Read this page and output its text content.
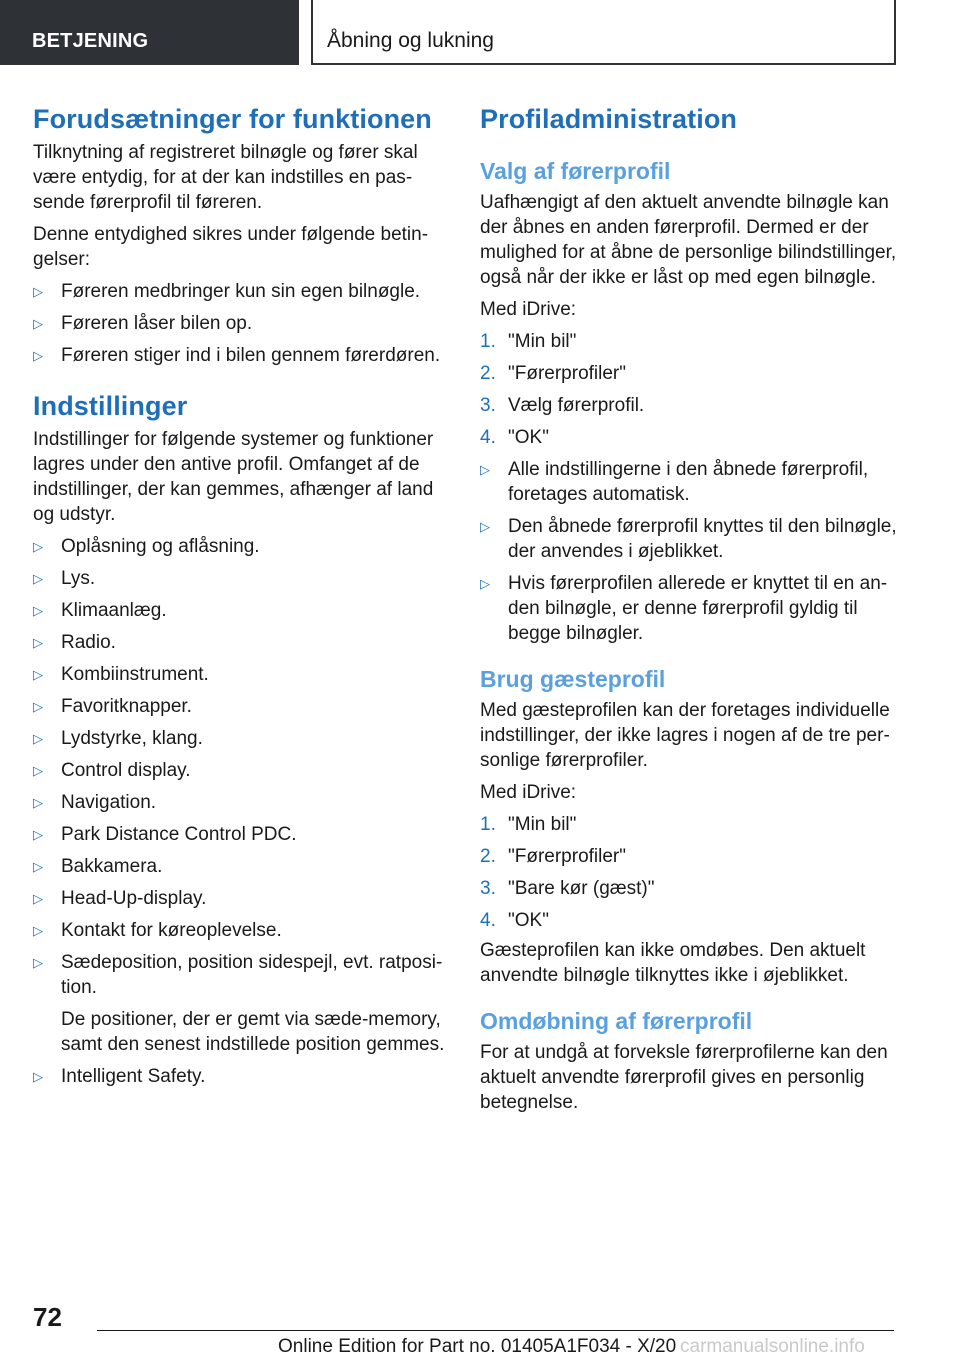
BETJENING	Åbning og lukning
Forudsætninger for funktionen

Tilknytning af registreret bilnøgle og fører skal være entydig, for at der kan indstilles en passende førerprofil til føreren.

Denne entydighed sikres under følgende betingelser:

▷ Føreren medbringer kun sin egen bilnøgle.
▷ Føreren låser bilen op.
▷ Føreren stiger ind i bilen gennem førerdøren.
Indstillinger

Indstillinger for følgende systemer og funktioner lagres under den antive profil. Omfanget af de indstillinger, der kan gemmes, afhænger af land og udstyr.

▷ Oplåsning og aflåsning.
▷ Lys.
▷ Klimaanlæg.
▷ Radio.
▷ Kombiinstrument.
▷ Favoritknapper.
▷ Lydstyrke, klang.
▷ Control display.
▷ Navigation.
▷ Park Distance Control PDC.
▷ Bakkamera.
▷ Head-Up-display.
▷ Kontakt for køreoplevelse.
▷ Sædeposition, position sidespejl, evt. ratposition.
De positioner, der er gemt via sæde-memory, samt den senest indstillede position gemmes.
▷ Intelligent Safety.
Profiladministration
Valg af førerprofil

Uafhængigt af den aktuelt anvendte bilnøgle kan der åbnes en anden førerprofil. Dermed er der mulighed for at åbne de personlige bilindstillinger, også når der ikke er låst op med egen bilnøgle.

Med iDrive:

1. "Min bil"
2. "Førerprofiler"
3. Vælg førerprofil.
4. "OK"
▷ Alle indstillingerne i den åbnede førerprofil, foretages automatisk.
▷ Den åbnede førerprofil knyttes til den bilnøgle, der anvendes i øjeblikket.
▷ Hvis førerprofilen allerede er knyttet til en anden bilnøgle, er denne førerprofil gyldig til begge bilnøgler.
Brug gæsteprofil

Med gæsteprofilen kan der foretages individuelle indstillinger, der ikke lagres i nogen af de tre personlige førerprofiler.

Med iDrive:

1. "Min bil"
2. "Førerprofiler"
3. "Bare kør (gæst)"
4. "OK"

Gæsteprofilen kan ikke omdøbes. Den aktuelt anvendte bilnøgle tilknyttes ikke i øjeblikket.

Omdøbning af førerprofil

For at undgå at forveksle førerprofilerne kan den aktuelt anvendte førerprofil gives en personlig betegnelse.

72
Online Edition for Part no. 01405A1F034 - X/20 carmanualsonline.info
